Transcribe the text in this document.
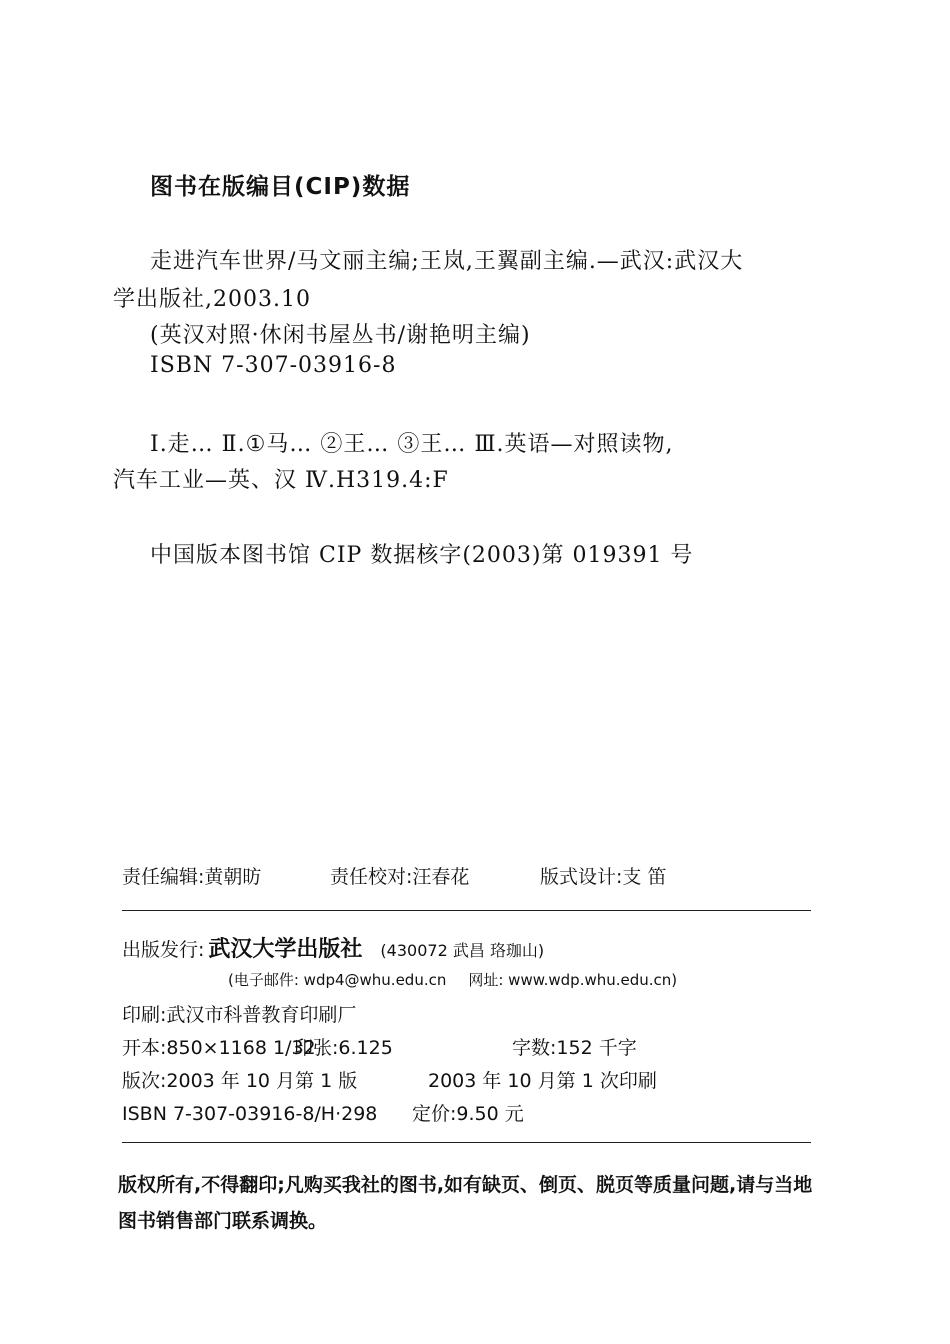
图书在版编目(CIP)数据
走进汽车世界/马文丽主编;王岚,王翼副主编.—武汉:武汉大
学出版社,2003.10
(英汉对照·休闲书屋丛书/谢艳明主编)
ISBN 7-307-03916-8
Ⅰ.走… Ⅱ.①马… ②王… ③王… Ⅲ.英语—对照读物,
汽车工业—英、汉 Ⅳ.H319.4:F
中国版本图书馆 CIP 数据核字(2003)第 019391 号
责任编辑:黄朝昉	责任校对:汪春花	版式设计:支 笛
出版发行: 武汉大学出版社 (430072 武昌 珞珈山)
(电子邮件: wdp4@whu.edu.cn 网址: www.wdp.whu.edu.cn)
印刷:武汉市科普教育印刷厂
开本:850×1168 1/32印张:6.125	字数:152 千字
版次:2003 年 10 月第 1 版	2003 年 10 月第 1 次印刷
ISBN 7-307-03916-8/H·298 定价:9.50 元
版权所有,不得翻印;凡购买我社的图书,如有缺页、倒页、脱页等质量问题,请与当地图书销售部门联系调换。
